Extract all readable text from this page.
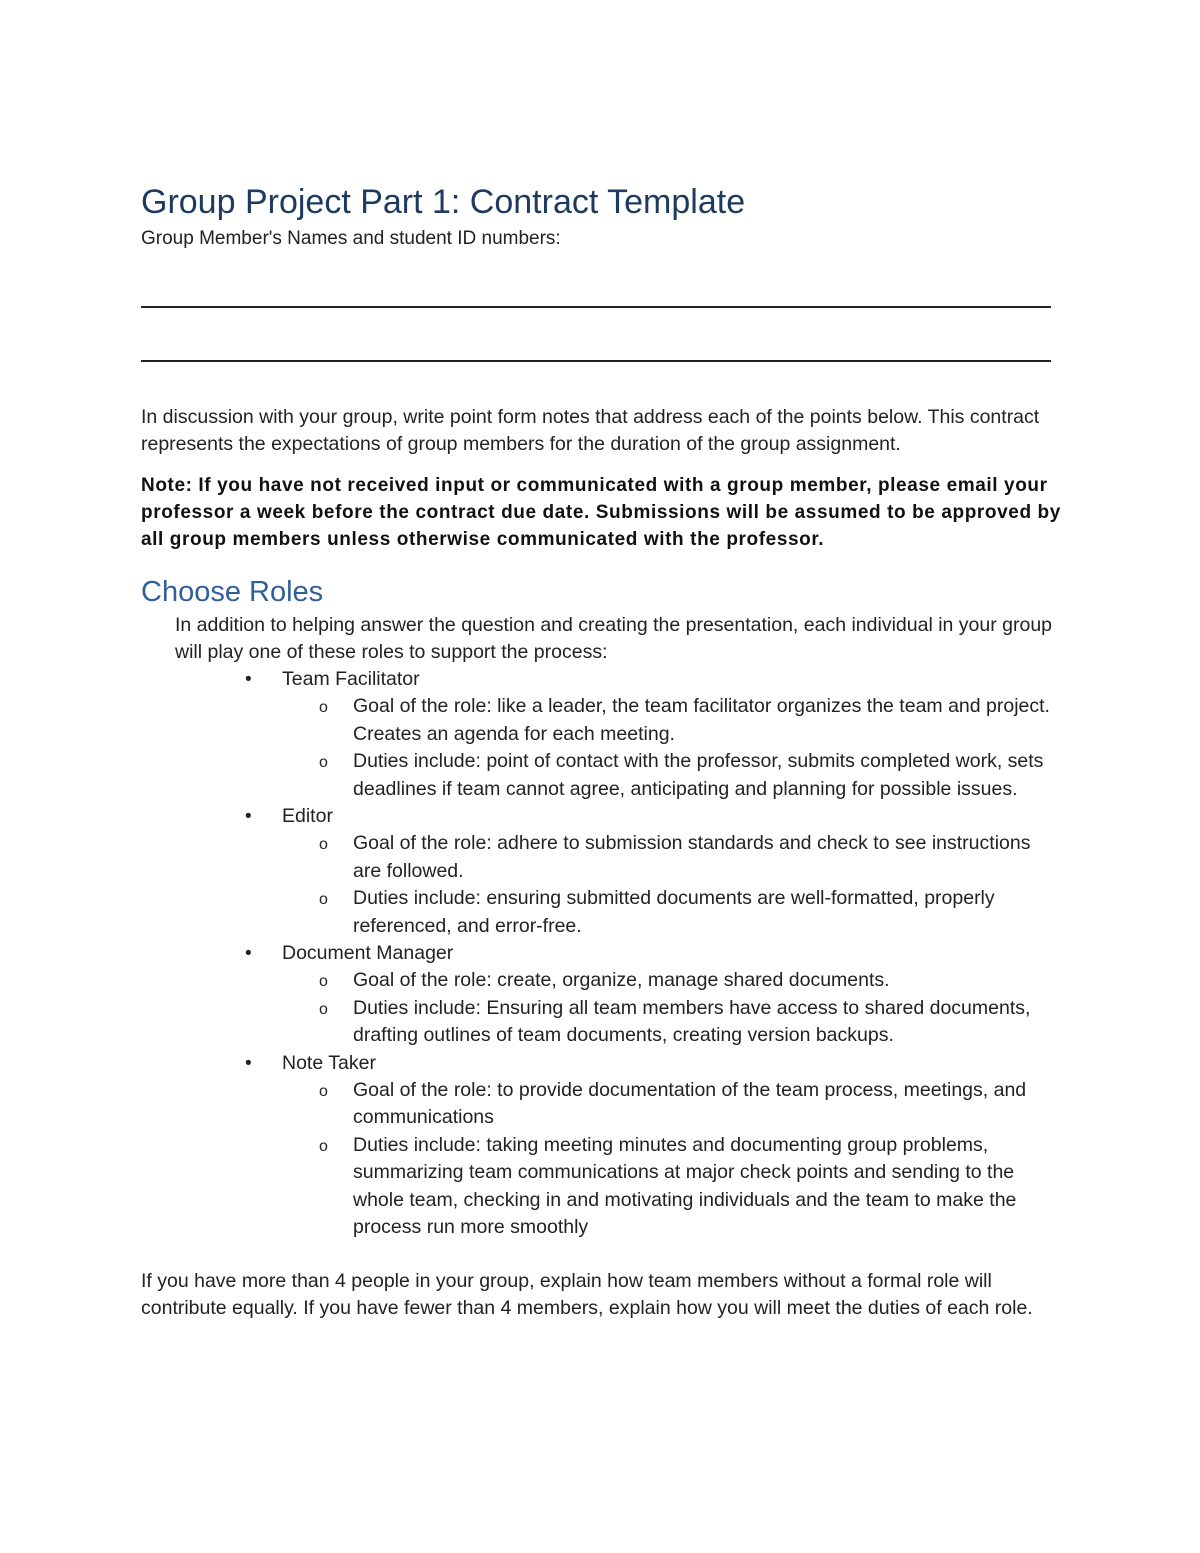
Group Project Part 1: Contract Template

Group Member's Names and student ID numbers:

In discussion with your group, write point form notes that address each of the points below. This contract represents the expectations of group members for the duration of the group assignment.

Note: If you have not received input or communicated with a group member, please email your professor a week before the contract due date. Submissions will be assumed to be approved by all group members unless otherwise communicated with the professor.

Choose Roles

In addition to helping answer the question and creating the presentation, each individual in your group will play one of these roles to support the process:

• Team Facilitator
o Goal of the role: like a leader, the team facilitator organizes the team and project. Creates an agenda for each meeting.
o Duties include: point of contact with the professor, submits completed work, sets deadlines if team cannot agree, anticipating and planning for possible issues.
• Editor
o Goal of the role: adhere to submission standards and check to see instructions are followed.
o Duties include: ensuring submitted documents are well-formatted, properly referenced, and error-free.
• Document Manager
o Goal of the role: create, organize, manage shared documents.
o Duties include: Ensuring all team members have access to shared documents, drafting outlines of team documents, creating version backups.
• Note Taker
o Goal of the role: to provide documentation of the team process, meetings, and communications
o Duties include: taking meeting minutes and documenting group problems, summarizing team communications at major check points and sending to the whole team, checking in and motivating individuals and the team to make the process run more smoothly

If you have more than 4 people in your group, explain how team members without a formal role will contribute equally. If you have fewer than 4 members, explain how you will meet the duties of each role.
